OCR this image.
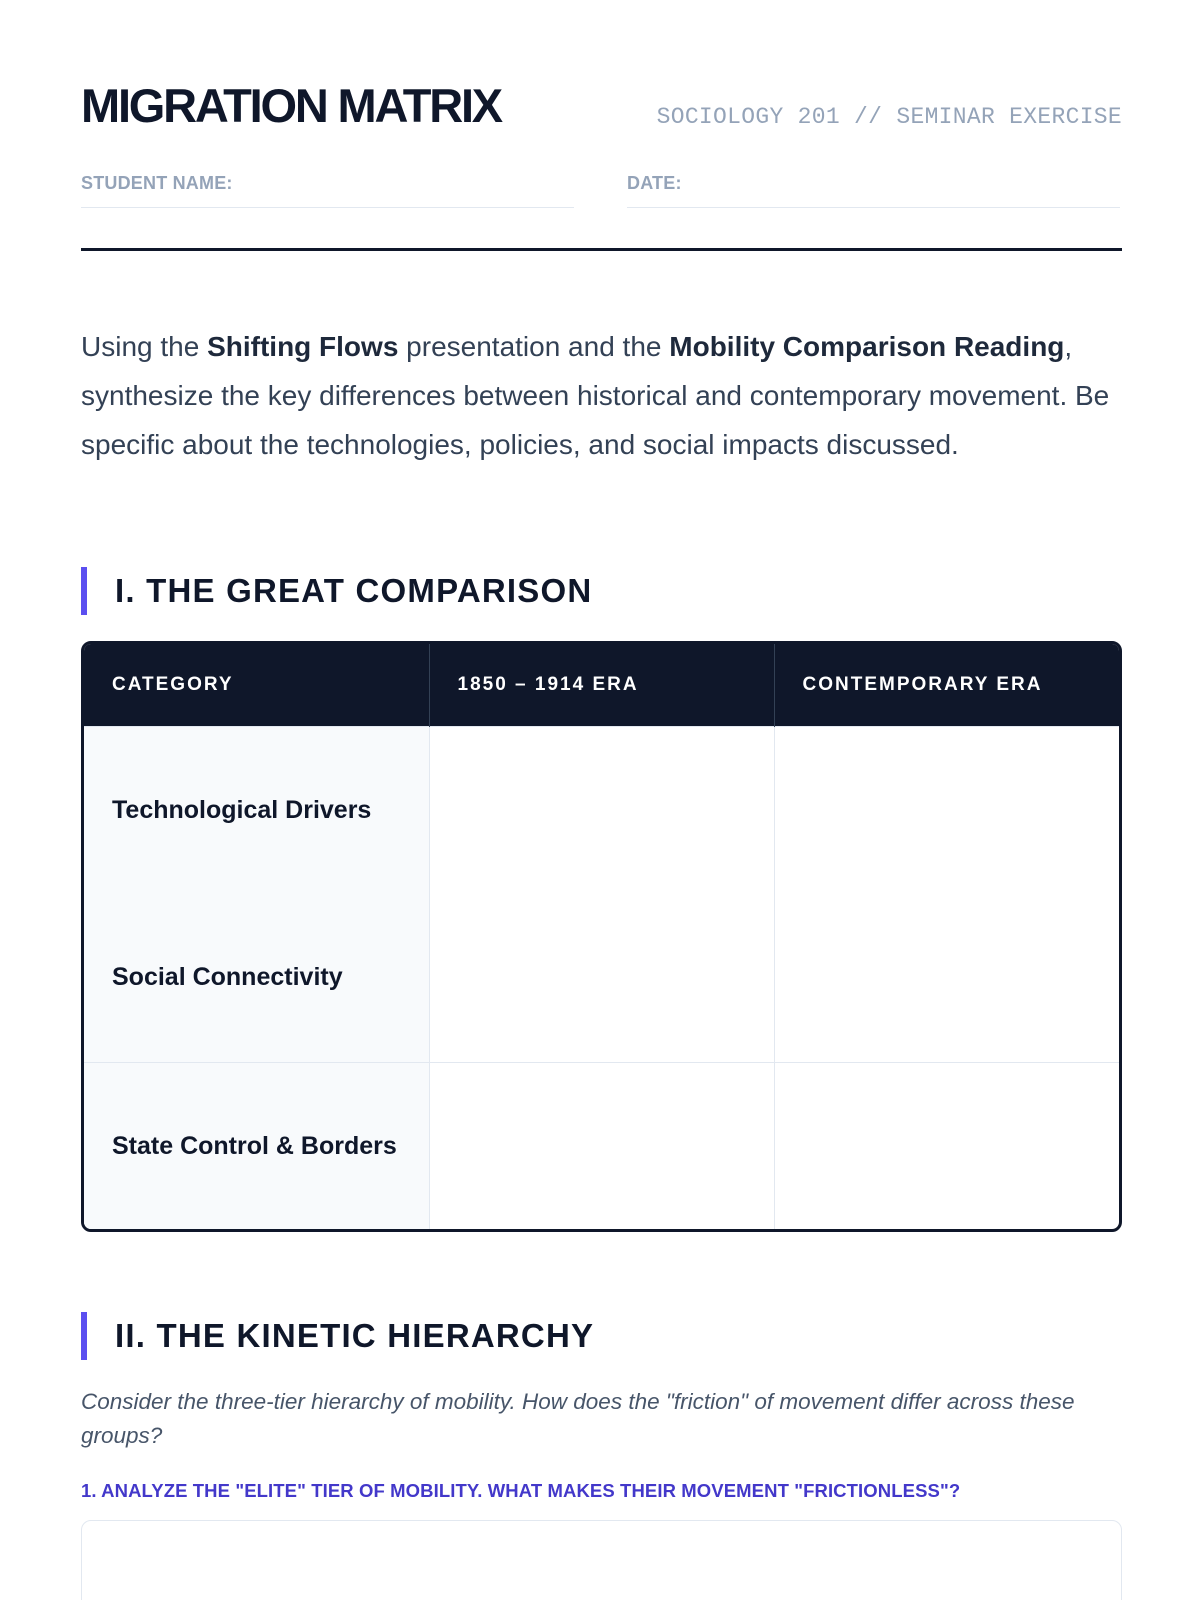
MIGRATION MATRIX	SOCIOLOGY 201 // SEMINAR EXERCISE
STUDENT NAME:	DATE:

Using the Shifting Flows presentation and the Mobility Comparison Reading, synthesize the key differences between historical and contemporary movement. Be specific about the technologies, policies, and social impacts discussed.

I. THE GREAT COMPARISON
CATEGORY	1850 – 1914 ERA	CONTEMPORARY ERA
Technological Drivers		
Social Connectivity		
State Control & Borders		
II. THE KINETIC HIERARCHY

Consider the three-tier hierarchy of mobility. How does the "friction" of movement differ across these groups?

1. ANALYZE THE "ELITE" TIER OF MOBILITY. WHAT MAKES THEIR MOVEMENT "FRICTIONLESS"?
